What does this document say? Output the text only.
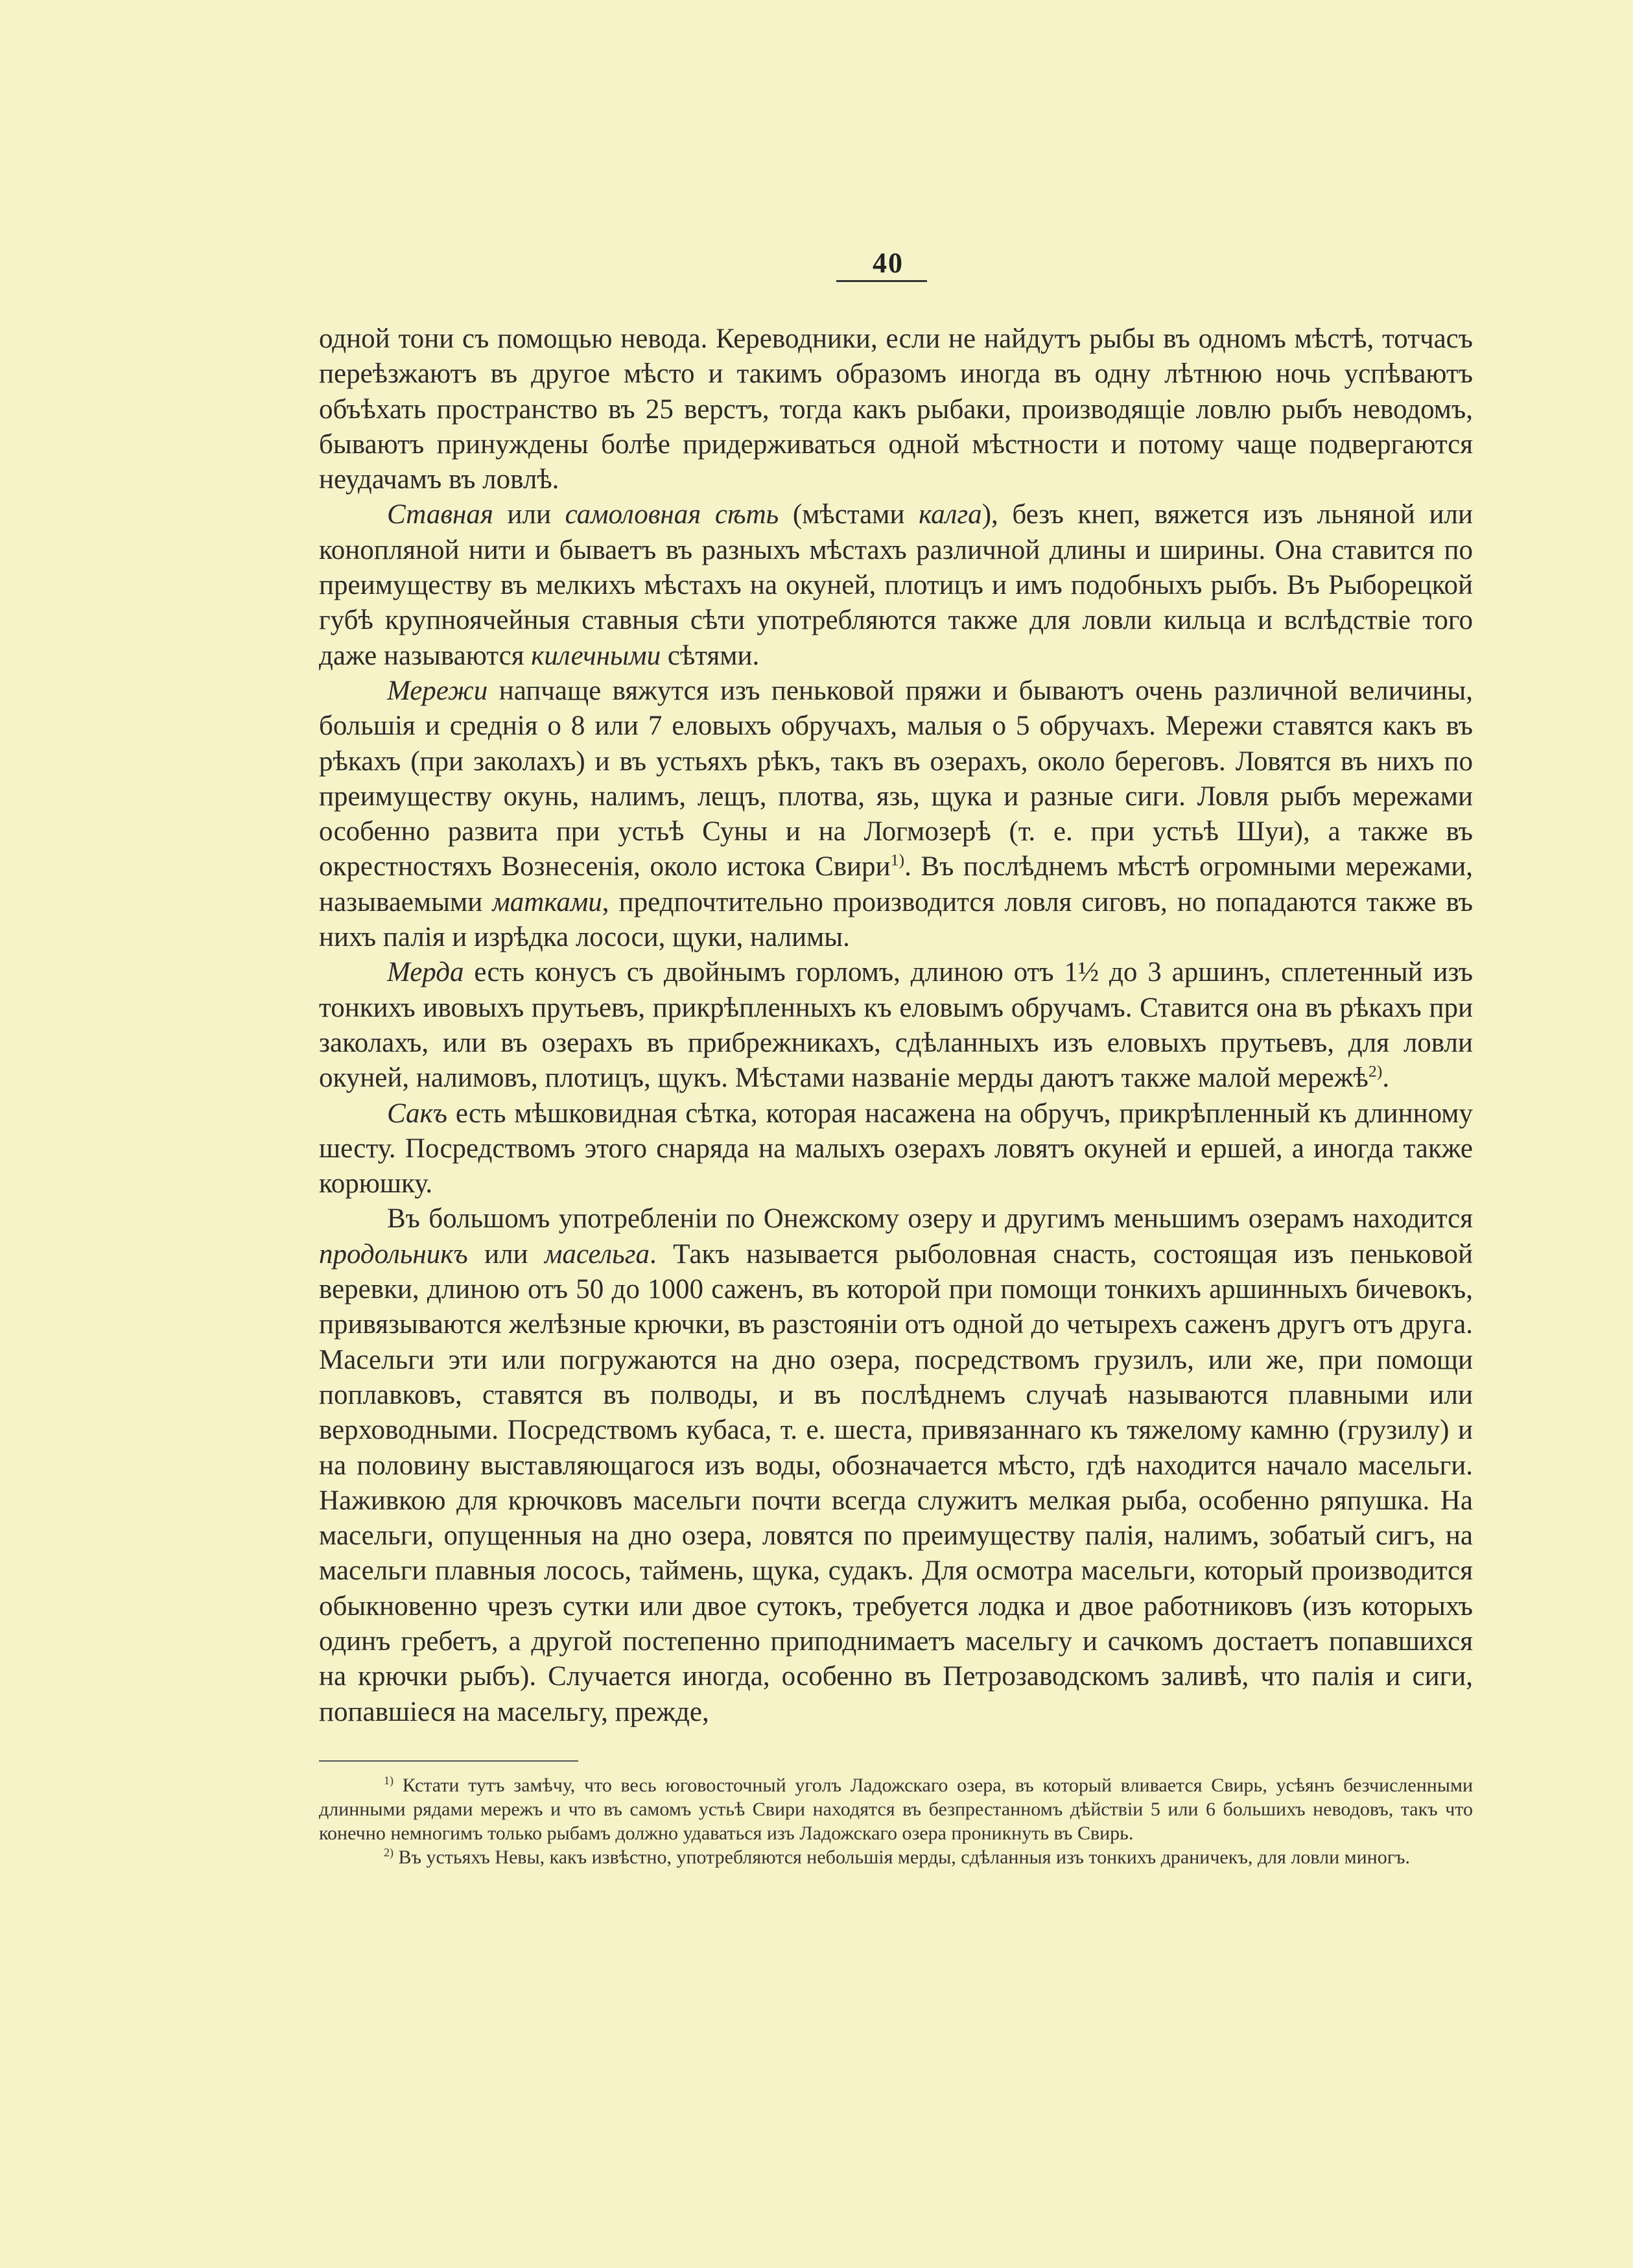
40

одной тони съ помощью невода. Кереводники, если не найдутъ рыбы въ одномъ мѣстѣ, тотчасъ переѣзжаютъ въ другое мѣсто и такимъ образомъ иногда въ одну лѣтнюю ночь успѣваютъ объѣхать пространство въ 25 верстъ, тогда какъ рыбаки, производящіе ловлю рыбъ неводомъ, бываютъ принуждены болѣе придерживаться одной мѣстности и потому чаще подвергаются неудачамъ въ ловлѣ.

Ставная или самоловная сѣть (мѣстами калга), безъ кнеп, вяжется изъ льняной или конопляной нити и бываетъ въ разныхъ мѣстахъ различной длины и ширины. Она ставится по преимуществу въ мелкихъ мѣстахъ на окуней, плотицъ и имъ подобныхъ рыбъ. Въ Рыборецкой губѣ крупноячейныя ставныя сѣти употребляются также для ловли кильца и вслѣдствіе того даже называются килечными сѣтями.

Мережи напчаще вяжутся изъ пеньковой пряжи и бываютъ очень различной величины, большія и среднія о 8 или 7 еловыхъ обручахъ, малыя о 5 обручахъ. Мережи ставятся какъ въ рѣкахъ (при заколахъ) и въ устьяхъ рѣкъ, такъ въ озерахъ, около береговъ. Ловятся въ нихъ по преимуществу окунь, налимъ, лещъ, плотва, язь, щука и разные сиги. Ловля рыбъ мережами особенно развита при устьѣ Суны и на Логмозерѣ (т. е. при устьѣ Шуи), а также въ окрестностяхъ Вознесенія, около истока Свири$^{1)}$. Въ послѣднемъ мѣстѣ огромными мережами, называемыми матками, предпочтительно производится ловля сиговъ, но попадаются также въ нихъ палія и изрѣдка лососи, щуки, налимы.

Мерда есть конусъ съ двойнымъ горломъ, длиною отъ 1½ до 3 аршинъ, сплетенный изъ тонкихъ ивовыхъ прутьевъ, прикрѣпленныхъ къ еловымъ обручамъ. Ставится она въ рѣкахъ при заколахъ, или въ озерахъ въ прибрежникахъ, сдѣланныхъ изъ еловыхъ прутьевъ, для ловли окуней, налимовъ, плотицъ, щукъ. Мѣстами названіе мерды даютъ также малой мережѣ$^{2)}$.

Сакъ есть мѣшковидная сѣтка, которая насажена на обручъ, прикрѣпленный къ длинному шесту. Посредствомъ этого снаряда на малыхъ озерахъ ловятъ окуней и ершей, а иногда также корюшку.

Въ большомъ употребленіи по Онежскому озеру и другимъ меньшимъ озерамъ находится продольникъ или масельга. Такъ называется рыболовная снасть, состоящая изъ пеньковой веревки, длиною отъ 50 до 1000 саженъ, въ которой при помощи тонкихъ аршинныхъ бичевокъ, привязываются желѣзные крючки, въ разстояніи отъ одной до четырехъ саженъ другъ отъ друга. Масельги эти или погружаются на дно озера, посредствомъ грузилъ, или же, при помощи поплавковъ, ставятся въ полводы, и въ послѣднемъ случаѣ называются плавными или верховодными. Посредствомъ кубаса, т. е. шеста, привязаннаго къ тяжелому камню (грузилу) и на половину выставляющагося изъ воды, обозначается мѣсто, гдѣ находится начало масельги. Наживкою для крючковъ масельги почти всегда служитъ мелкая рыба, особенно ряпушка. На масельги, опущенныя на дно озера, ловятся по преимуществу палія, налимъ, зобатый сигъ, на масельги плавныя лосось, таймень, щука, судакъ. Для осмотра масельги, который производится обыкновенно чрезъ сутки или двое сутокъ, требуется лодка и двое работниковъ (изъ которыхъ одинъ гребетъ, а другой постепенно приподнимаетъ масельгу и сачкомъ достаетъ попавшихся на крючки рыбъ). Случается иногда, особенно въ Петрозаводскомъ заливѣ, что палія и сиги, попавшіеся на масельгу, прежде,

$^{1)}$ Кстати тутъ замѣчу, что весь юговосточный уголъ Ладожскаго озера, въ который вливается Свирь, усѣянъ безчисленными длинными рядами мережъ и что въ самомъ устьѣ Свири находятся въ безпрестанномъ дѣйствіи 5 или 6 большихъ неводовъ, такъ что конечно немногимъ только рыбамъ должно удаваться изъ Ладожскаго озера проникнуть въ Свирь.

$^{2)}$ Въ устьяхъ Невы, какъ извѣстно, употребляются небольшія мерды, сдѣланныя изъ тонкихъ драничекъ, для ловли миногъ.
